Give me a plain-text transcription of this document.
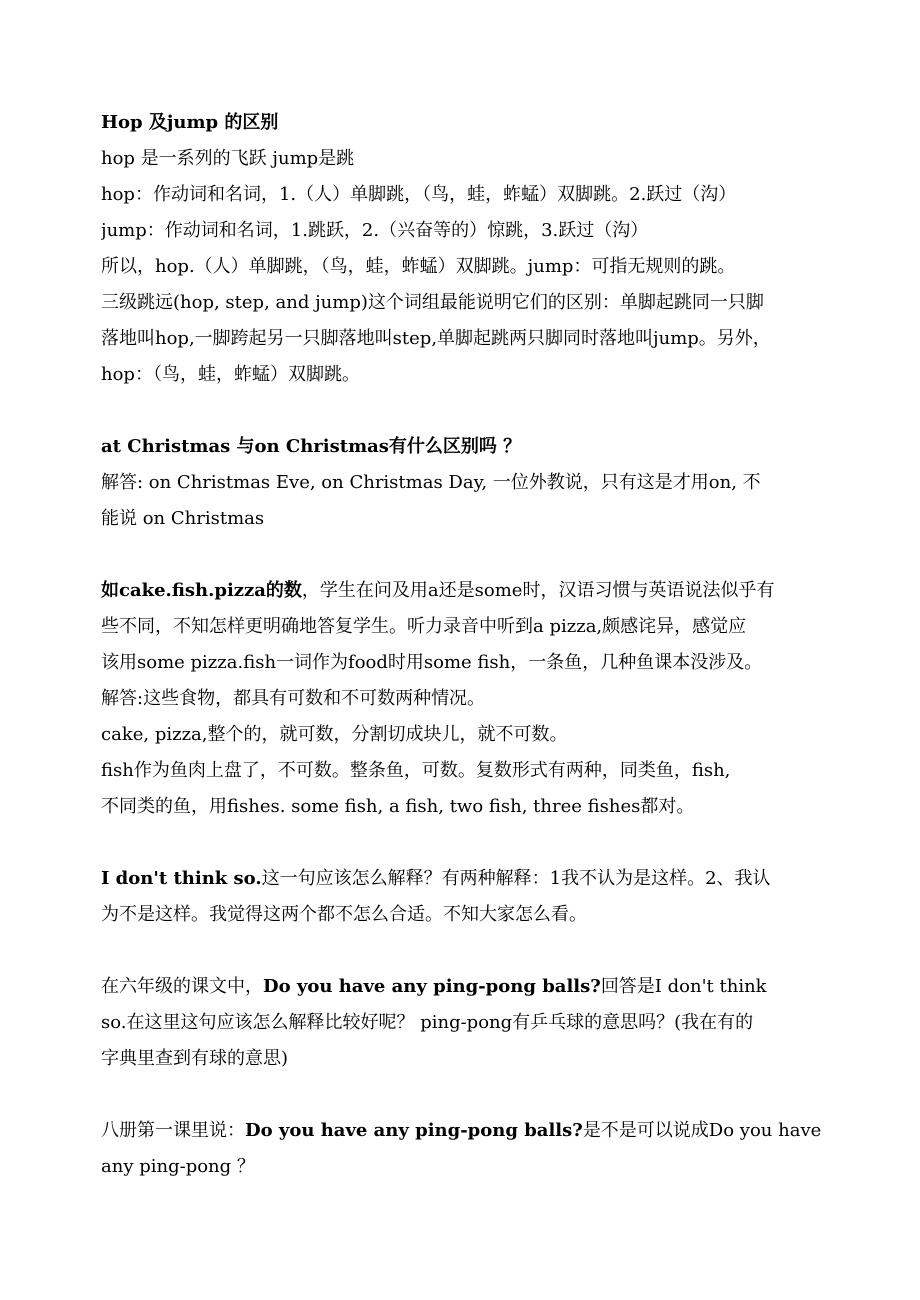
Hop 及jump 的区别
hop 是一系列的飞跃 jump是跳
hop：作动词和名词，1.（人）单脚跳，（鸟，蛙，蚱蜢）双脚跳。2.跃过（沟）
jump：作动词和名词，1.跳跃，2.（兴奋等的）惊跳，3.跃过（沟）
所以，hop.（人）单脚跳，（鸟，蛙，蚱蜢）双脚跳。jump：可指无规则的跳。
三级跳远(hop, step, and jump)这个词组最能说明它们的区别：单脚起跳同一只脚
落地叫hop,一脚跨起另一只脚落地叫step,单脚起跳两只脚同时落地叫jump。另外，
hop：（鸟，蛙，蚱蜢）双脚跳。
at Christmas 与on Christmas有什么区别吗 ？
解答: on Christmas Eve, on Christmas Day, 一位外教说，只有这是才用on, 不
能说 on Christmas
如cake.fish.pizza的数，学生在问及用a还是some时，汉语习惯与英语说法似乎有
些不同，不知怎样更明确地答复学生。听力录音中听到a pizza,颇感诧异，感觉应
该用some pizza.fish一词作为food时用some fish，一条鱼，几种鱼课本没涉及。
解答:这些食物，都具有可数和不可数两种情况。
cake, pizza,整个的，就可数，分割切成块儿，就不可数。
fish作为鱼肉上盘了，不可数。整条鱼，可数。复数形式有两种，同类鱼，fish,
不同类的鱼，用fishes. some fish, a fish, two fish, three fishes都对。
I don't think so.这一句应该怎么解释？有两种解释：1我不认为是这样。2、我认
为不是这样。我觉得这两个都不怎么合适。不知大家怎么看。
在六年级的课文中，Do you have any ping-pong balls?回答是I don't think
so.在这里这句应该怎么解释比较好呢？ ping-pong有乒乓球的意思吗？(我在有的
字典里查到有球的意思)
八册第一课里说：Do you have any ping-pong balls?是不是可以说成Do you have
any ping-pong ？
